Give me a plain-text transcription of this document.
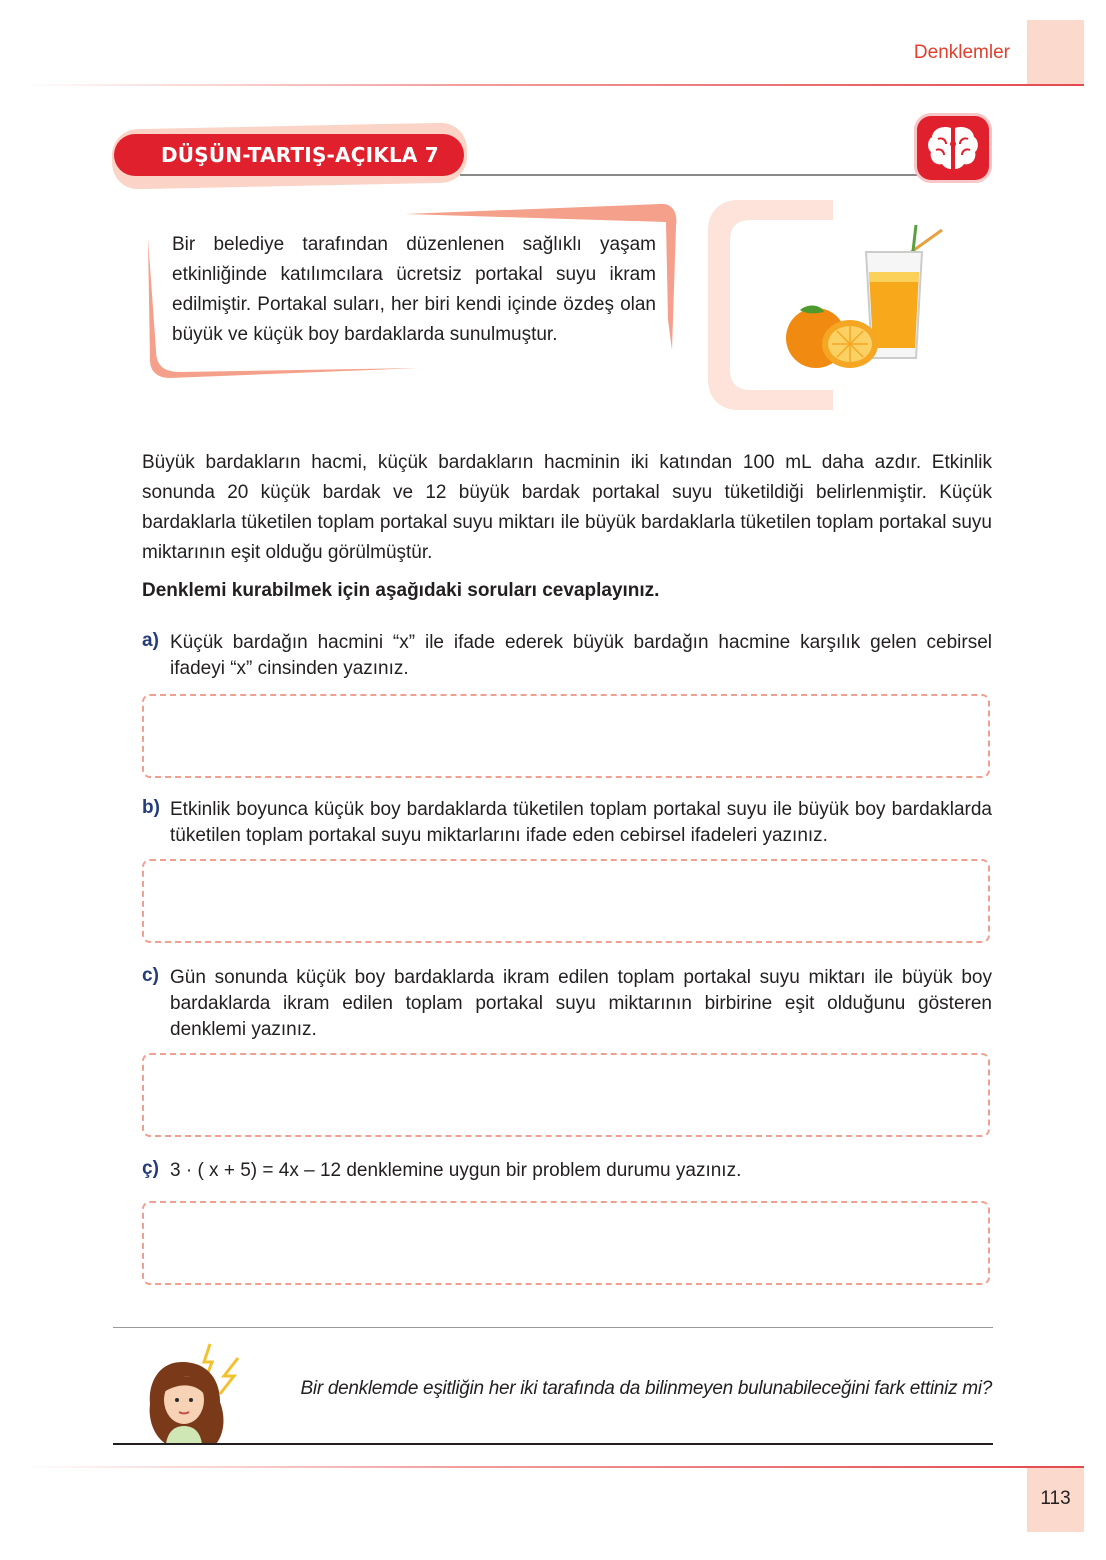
Denklemler
DÜŞÜN-TARTIŞ-AÇIKLA 7
Bir belediye tarafından düzenlenen sağlıklı yaşam etkinliğinde katılımcılara ücretsiz portakal suyu ikram edilmiştir. Portakal suları, her biri kendi içinde özdeş olan büyük ve küçük boy bardaklarda sunulmuştur.
Büyük bardakların hacmi, küçük bardakların hacminin iki katından 100 mL daha azdır. Etkinlik sonunda 20 küçük bardak ve 12 büyük bardak portakal suyu tüketildiği belirlenmiştir. Küçük bardaklarla tüketilen toplam portakal suyu miktarı ile büyük bardaklarla tüketilen toplam portakal suyu miktarının eşit olduğu görülmüştür.
Denklemi kurabilmek için aşağıdaki soruları cevaplayınız.
a) Küçük bardağın hacmini “x” ile ifade ederek büyük bardağın hacmine karşılık gelen cebirsel ifadeyi “x” cinsinden yazınız.
b) Etkinlik boyunca küçük boy bardaklarda tüketilen toplam portakal suyu ile büyük boy bardaklarda tüketilen toplam portakal suyu miktarlarını ifade eden cebirsel ifadeleri yazınız.
c) Gün sonunda küçük boy bardaklarda ikram edilen toplam portakal suyu miktarı ile büyük boy bardaklarda ikram edilen toplam portakal suyu miktarının birbirine eşit olduğunu gösteren denklemi yazınız.
ç) 3 · ( x + 5) = 4x – 12 denklemine uygun bir problem durumu yazınız.
Bir denklemde eşitliğin her iki tarafında da bilinmeyen bulunabileceğini fark ettiniz mi?
113
